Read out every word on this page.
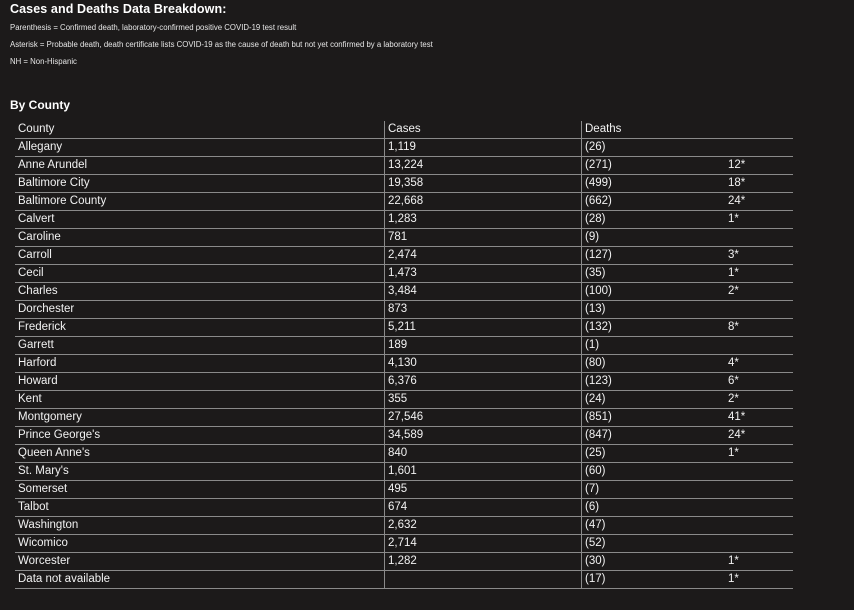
Cases and Deaths Data Breakdown:
Parenthesis = Confirmed death, laboratory-confirmed positive COVID-19 test result
Asterisk = Probable death, death certificate lists COVID-19 as the cause of death but not yet confirmed by a laboratory test
NH = Non-Hispanic
By County
County	Cases	Deaths	
Allegany	1,119	(26)	
Anne Arundel	13,224	(271)	12*
Baltimore City	19,358	(499)	18*
Baltimore County	22,668	(662)	24*
Calvert	1,283	(28)	1*
Caroline	781	(9)	
Carroll	2,474	(127)	3*
Cecil	1,473	(35)	1*
Charles	3,484	(100)	2*
Dorchester	873	(13)	
Frederick	5,211	(132)	8*
Garrett	189	(1)	
Harford	4,130	(80)	4*
Howard	6,376	(123)	6*
Kent	355	(24)	2*
Montgomery	27,546	(851)	41*
Prince George's	34,589	(847)	24*
Queen Anne's	840	(25)	1*
St. Mary's	1,601	(60)	
Somerset	495	(7)	
Talbot	674	(6)	
Washington	2,632	(47)	
Wicomico	2,714	(52)	
Worcester	1,282	(30)	1*
Data not available		(17)	1*
